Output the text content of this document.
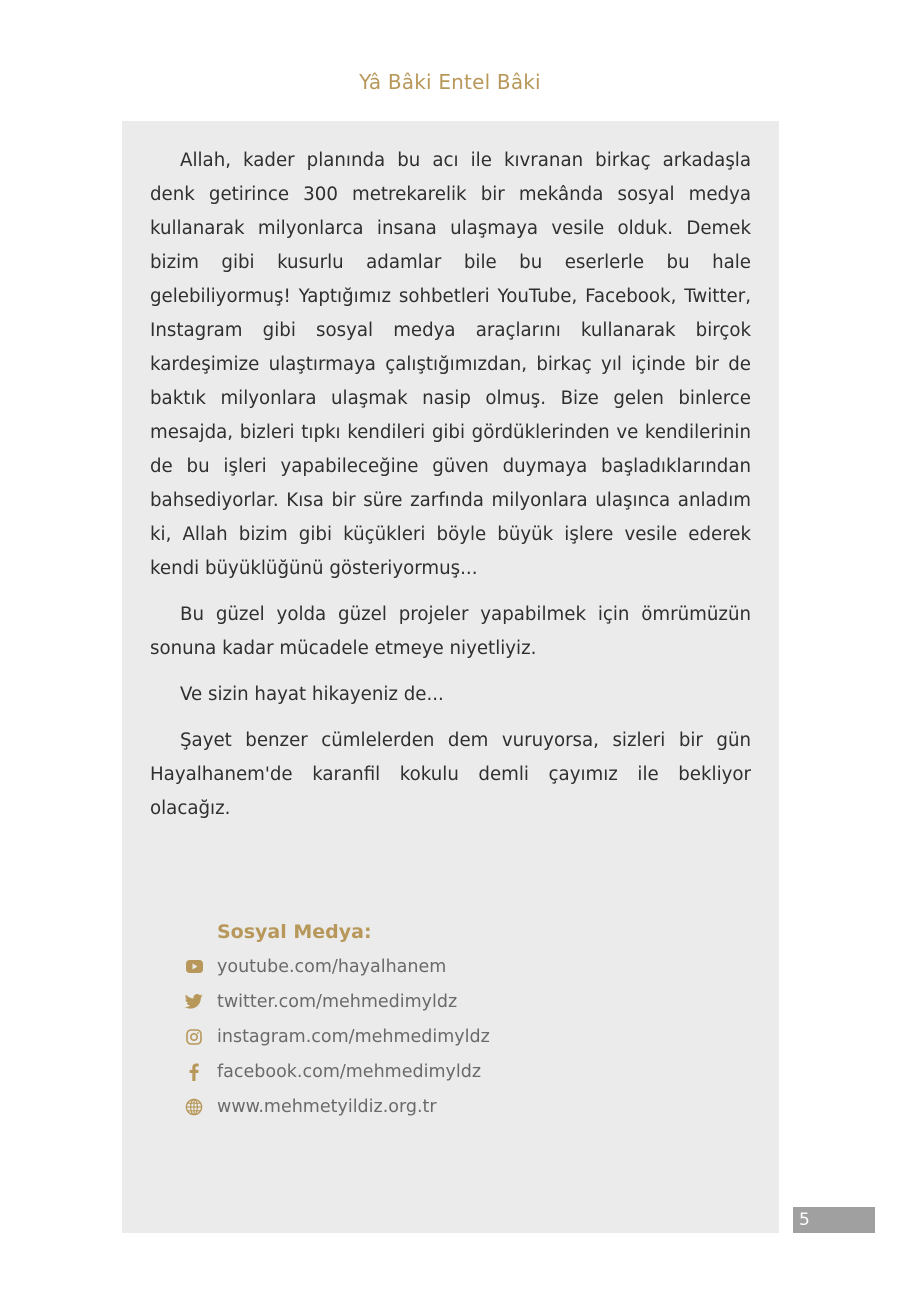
Yâ Bâki Entel Bâki

Allah, kader planında bu acı ile kıvranan birkaç arkadaşla denk getirince 300 metrekarelik bir mekânda sosyal medya kullanarak milyonlarca insana ulaşmaya vesile olduk. Demek bizim gibi kusurlu adamlar bile bu eserlerle bu hale gelebiliyormuş! Yaptığımız sohbetleri YouTube, Facebook, Twitter, Instagram gibi sosyal medya araçlarını kullanarak birçok kardeşimize ulaştırmaya çalıştığımızdan, birkaç yıl içinde bir de baktık milyonlara ulaşmak nasip olmuş. Bize gelen binlerce mesajda, bizleri tıpkı kendileri gibi gördüklerinden ve kendilerinin de bu işleri yapabileceğine güven duymaya başladıklarından bahsediyorlar. Kısa bir süre zarfında milyonlara ulaşınca anladım ki, Allah bizim gibi küçükleri böyle büyük işlere vesile ederek kendi büyüklüğünü gösteriyormuş...

Bu güzel yolda güzel projeler yapabilmek için ömrümüzün sonuna kadar mücadele etmeye niyetliyiz.

Ve sizin hayat hikayeniz de...

Şayet benzer cümlelerden dem vuruyorsa, sizleri bir gün Hayalhanem'de karanfil kokulu demli çayımız ile bekliyor olacağız.

Sosyal Medya:
youtube.com/hayalhanem
twitter.com/mehmedimyldz
instagram.com/mehmedimyldz
facebook.com/mehmedimyldz
www.mehmetyildiz.org.tr
5
